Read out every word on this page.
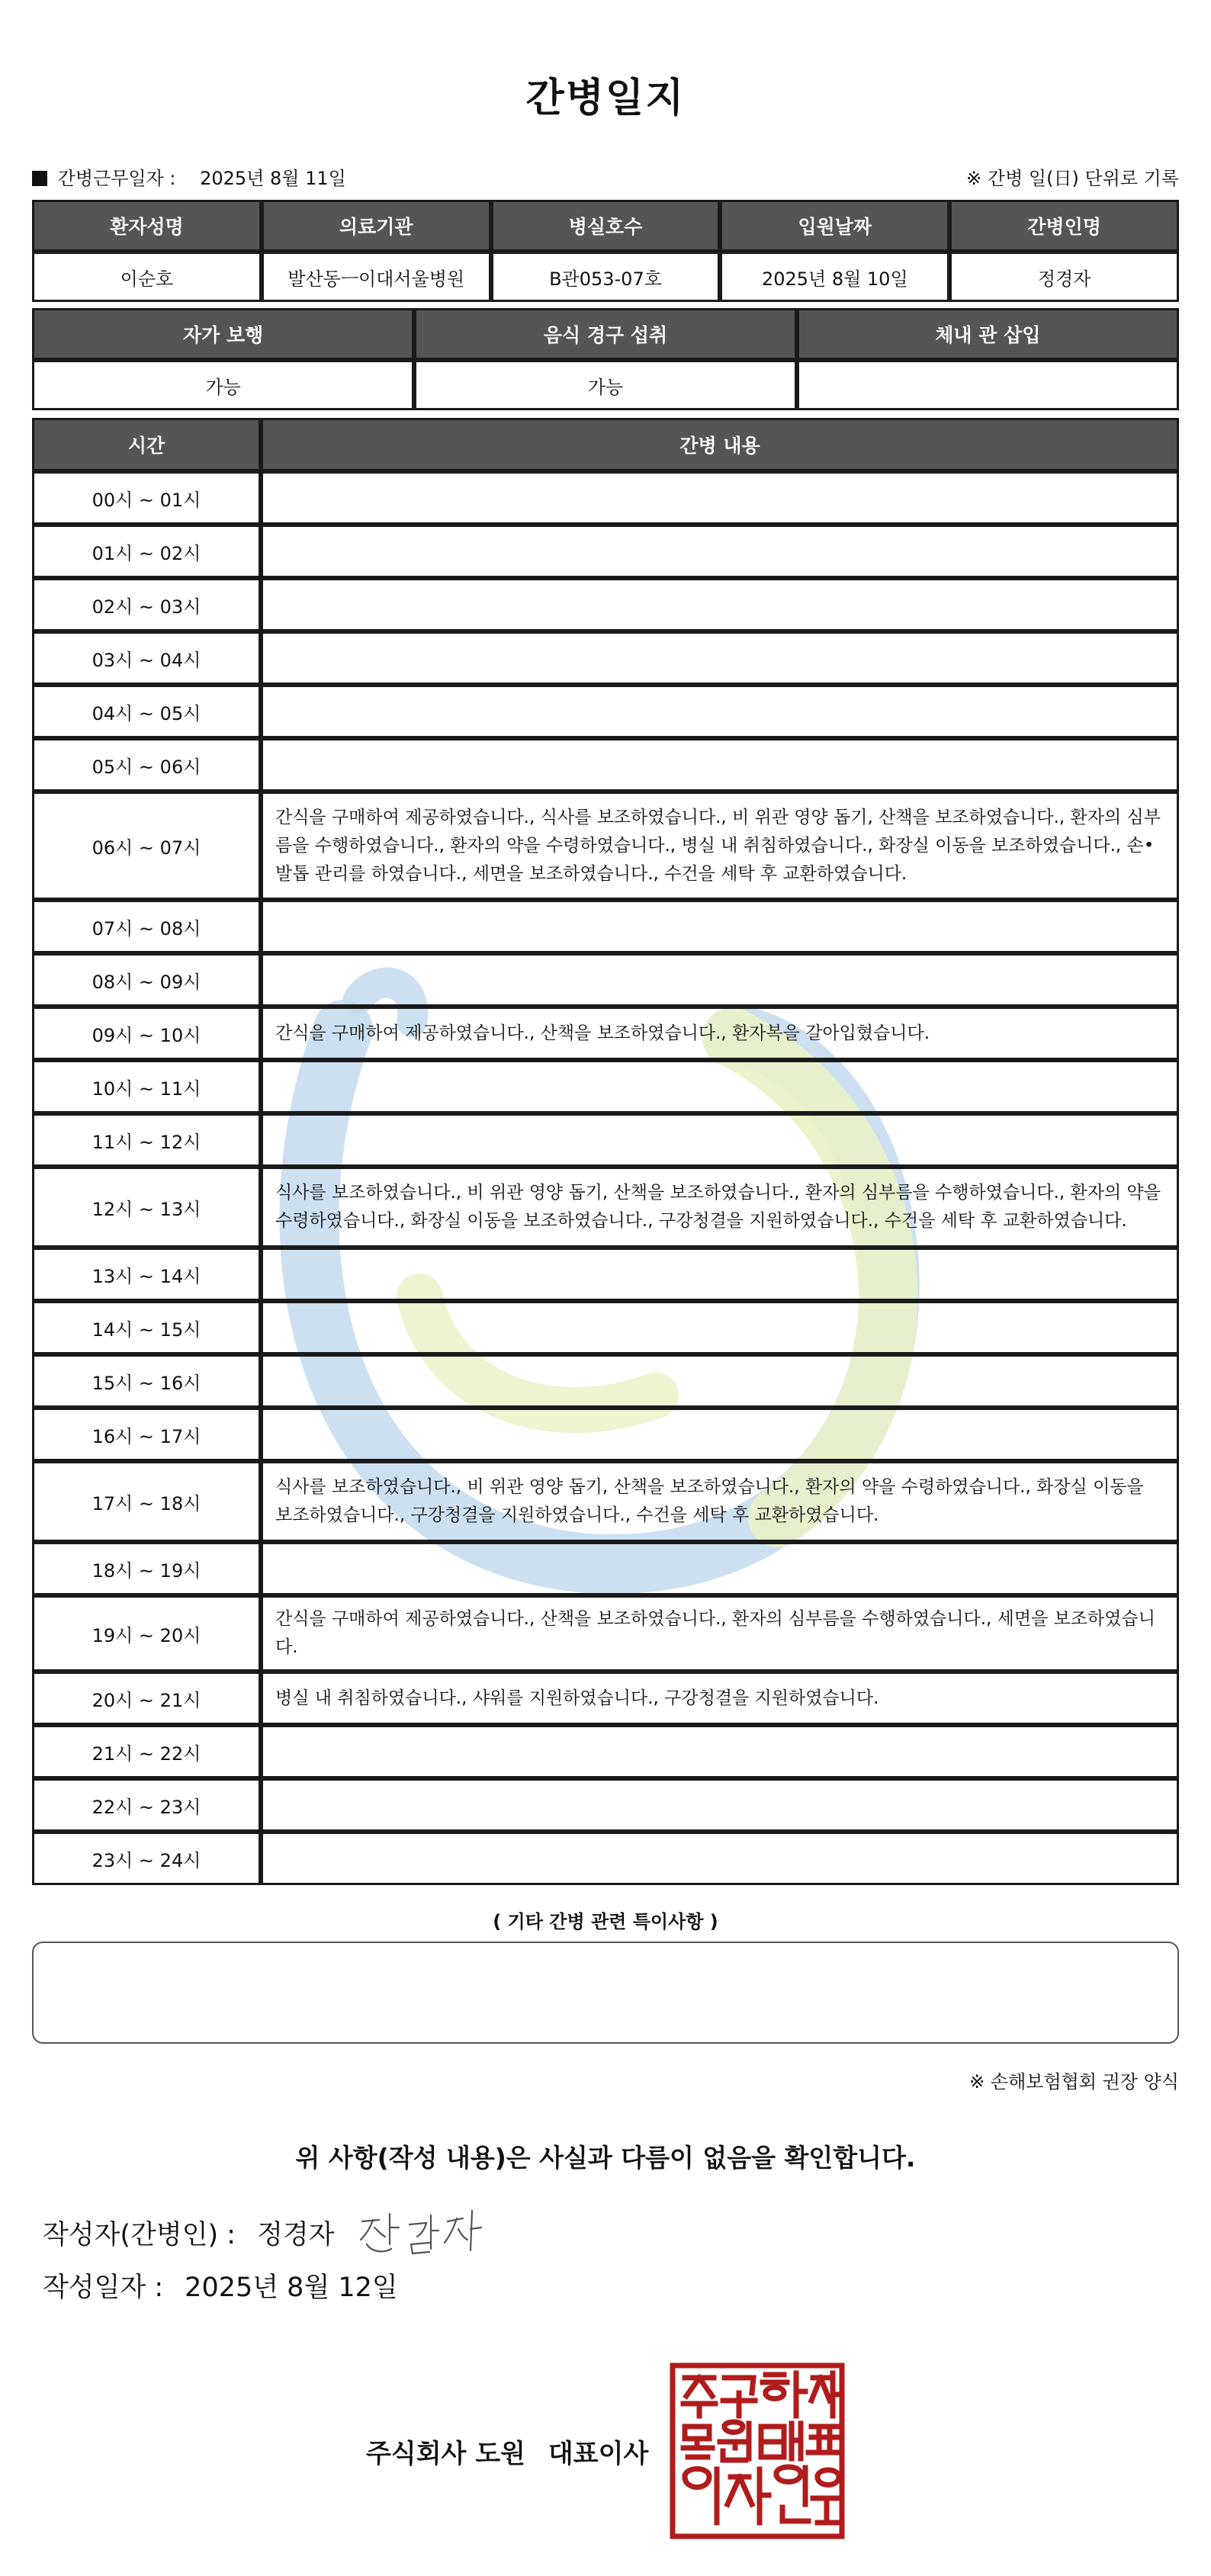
간병일지
간병근무일자 : 2025년 8월 11일	※ 간병 일(日) 단위로 기록
환자성명	의료기관	병실호수	입원날짜	간병인명
이순호	발산동ㅡ이대서울병원	B관053-07호	2025년 8월 10일	정경자
자가 보행	음식 경구 섭취	체내 관 삽입
가능	가능	
시간	간병 내용
00시 ~ 01시	
01시 ~ 02시	
02시 ~ 03시	
03시 ~ 04시	
04시 ~ 05시	
05시 ~ 06시	
06시 ~ 07시	간식을 구매하여 제공하였습니다., 식사를 보조하였습니다., 비 위관 영양 돕기, 산책을 보조하였습니다., 환자의 심부름을 수행하였습니다., 환자의 약을 수령하였습니다., 병실 내 취침하였습니다., 화장실 이동을 보조하였습니다., 손•발톱 관리를 하였습니다., 세면을 보조하였습니다., 수건을 세탁 후 교환하였습니다.
07시 ~ 08시	
08시 ~ 09시	
09시 ~ 10시	간식을 구매하여 제공하였습니다., 산책을 보조하였습니다., 환자복을 갈아입혔습니다.
10시 ~ 11시	
11시 ~ 12시	
12시 ~ 13시	식사를 보조하였습니다., 비 위관 영양 돕기, 산책을 보조하였습니다., 환자의 심부름을 수행하였습니다., 환자의 약을 수령하였습니다., 화장실 이동을 보조하였습니다., 구강청결을 지원하였습니다., 수건을 세탁 후 교환하였습니다.
13시 ~ 14시	
14시 ~ 15시	
15시 ~ 16시	
16시 ~ 17시	
17시 ~ 18시	식사를 보조하였습니다., 비 위관 영양 돕기, 산책을 보조하였습니다., 환자의 약을 수령하였습니다., 화장실 이동을 보조하였습니다., 구강청결을 지원하였습니다., 수건을 세탁 후 교환하였습니다.
18시 ~ 19시	
19시 ~ 20시	간식을 구매하여 제공하였습니다., 산책을 보조하였습니다., 환자의 심부름을 수행하였습니다., 세면을 보조하였습니다.
20시 ~ 21시	병실 내 취침하였습니다., 샤워를 지원하였습니다., 구강청결을 지원하였습니다.
21시 ~ 22시	
22시 ~ 23시	
23시 ~ 24시	
( 기타 간병 관련 특이사항 )
※ 손해보험협회 권장 양식
위 사항(작성 내용)은 사실과 다름이 없음을 확인합니다.
작성자(간병인) : 정경자
작성일자 : 2025년 8월 12일
주식회사 도원 대표이사
